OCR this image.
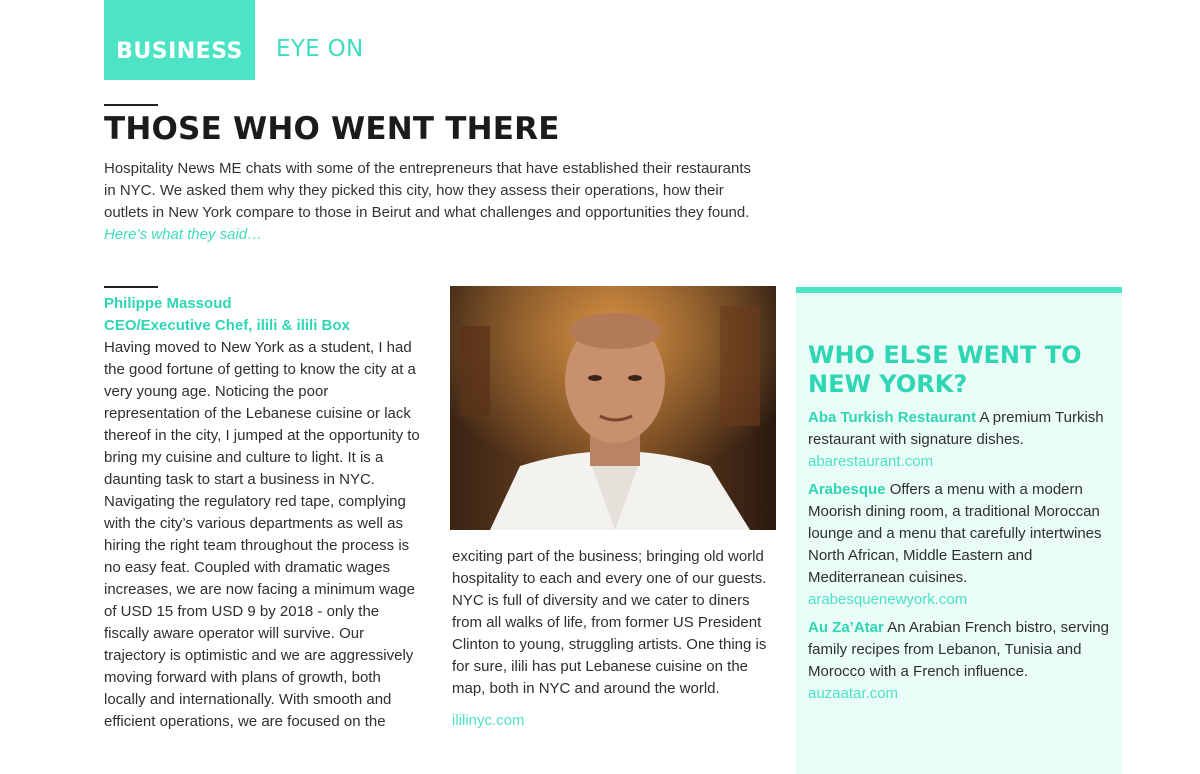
BUSINESS	EYE ON
THOSE WHO WENT THERE

Hospitality News ME chats with some of the entrepreneurs that have established their restaurants in NYC. We asked them why they picked this city, how they assess their operations, how their outlets in New York compare to those in Beirut and what challenges and opportunities they found. Here’s what they said…

Philippe Massoud
CEO/Executive Chef, ilili & ilili Box

Having moved to New York as a student, I had the good fortune of getting to know the city at a very young age. Noticing the poor representation of the Lebanese cuisine or lack thereof in the city, I jumped at the opportunity to bring my cuisine and culture to light. It is a daunting task to start a business in NYC. Navigating the regulatory red tape, complying with the city’s various departments as well as hiring the right team throughout the process is no easy feat. Coupled with dramatic wages increases, we are now facing a minimum wage of USD 15 from USD 9 by 2018 - only the fiscally aware operator will survive. Our trajectory is optimistic and we are aggressively moving forward with plans of growth, both locally and internationally. With smooth and efficient operations, we are focused on the

exciting part of the business; bringing old world hospitality to each and every one of our guests. NYC is full of diversity and we cater to diners from all walks of life, from former US President Clinton to young, struggling artists. One thing is for sure, ilili has put Lebanese cuisine on the map, both in NYC and around the world.

ililinyc.com
WHO ELSE WENT TO NEW YORK?
Aba Turkish Restaurant A premium Turkish restaurant with signature dishes.
abarestaurant.com
Arabesque Offers a menu with a modern Moorish dining room, a traditional Moroccan lounge and a menu that carefully intertwines North African, Middle Eastern and Mediterranean cuisines.
arabesquenewyork.com
Au Za’Atar An Arabian French bistro, serving family recipes from Lebanon, Tunisia and Morocco with a French influence.
auzaatar.com
